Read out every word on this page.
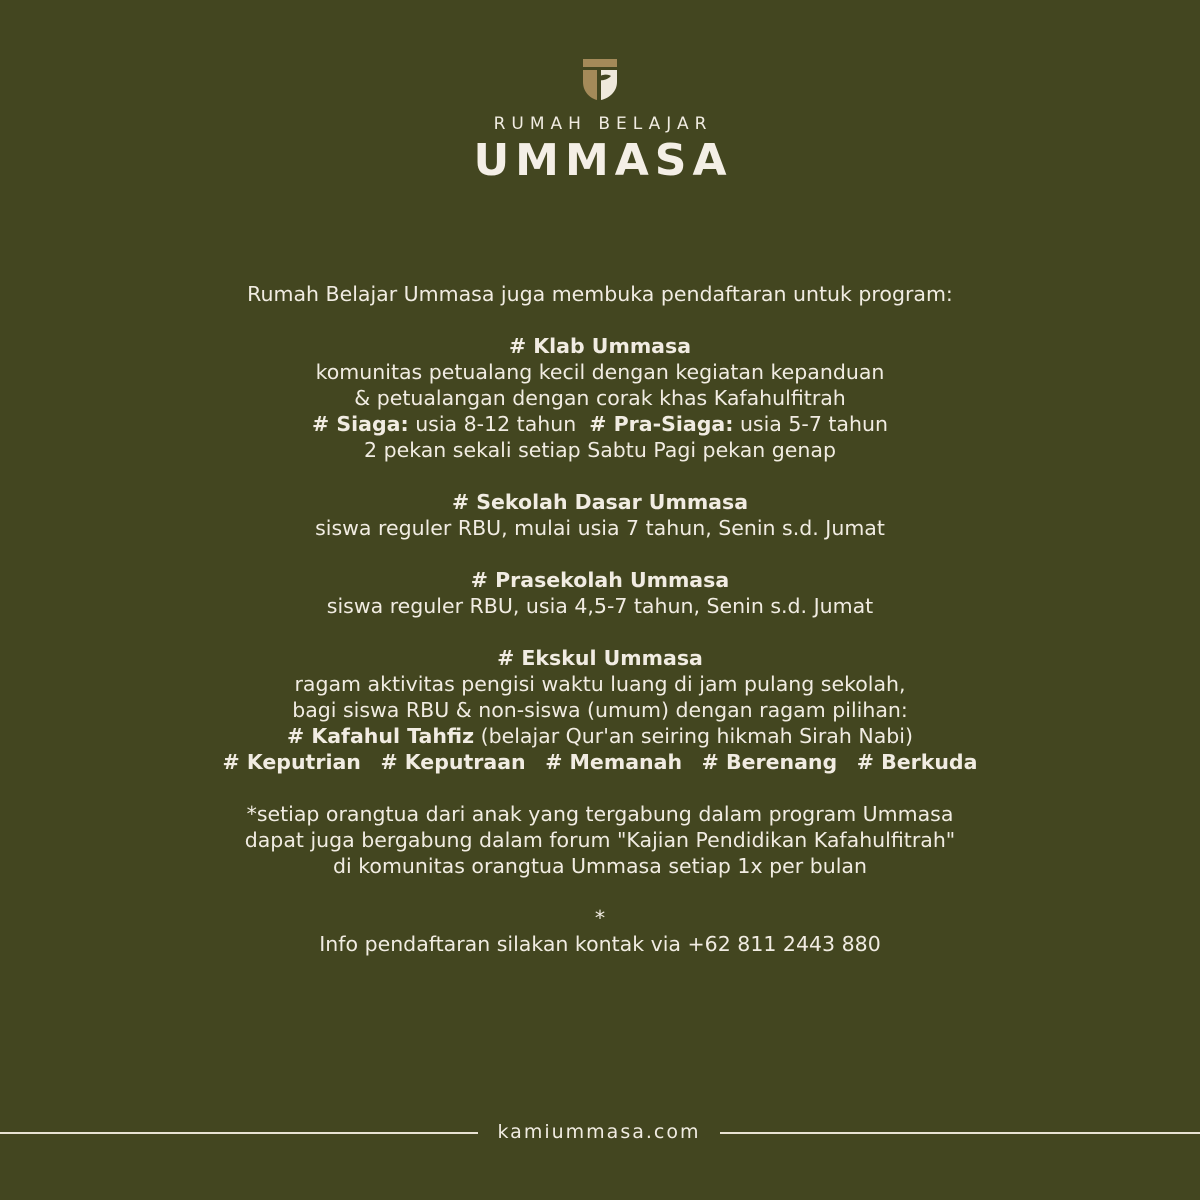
RUMAH BELAJAR
UMMASA
Rumah Belajar Ummasa juga membuka pendaftaran untuk program:
# Klab Ummasa
komunitas petualang kecil dengan kegiatan kepanduan
& petualangan dengan corak khas Kafahulfitrah
# Siaga: usia 8-12 tahun  # Pra-Siaga: usia 5-7 tahun
2 pekan sekali setiap Sabtu Pagi pekan genap
# Sekolah Dasar Ummasa
siswa reguler RBU, mulai usia 7 tahun, Senin s.d. Jumat
# Prasekolah Ummasa
siswa reguler RBU, usia 4,5-7 tahun, Senin s.d. Jumat
# Ekskul Ummasa
ragam aktivitas pengisi waktu luang di jam pulang sekolah,
bagi siswa RBU & non-siswa (umum) dengan ragam pilihan:
# Kafahul Tahfiz (belajar Qur'an seiring hikmah Sirah Nabi)
# Keputrian # Keputraan # Memanah # Berenang # Berkuda
*setiap orangtua dari anak yang tergabung dalam program Ummasa
dapat juga bergabung dalam forum "Kajian Pendidikan Kafahulfitrah"
di komunitas orangtua Ummasa setiap 1x per bulan
*
Info pendaftaran silakan kontak via +62 811 2443 880
kamiummasa.com
